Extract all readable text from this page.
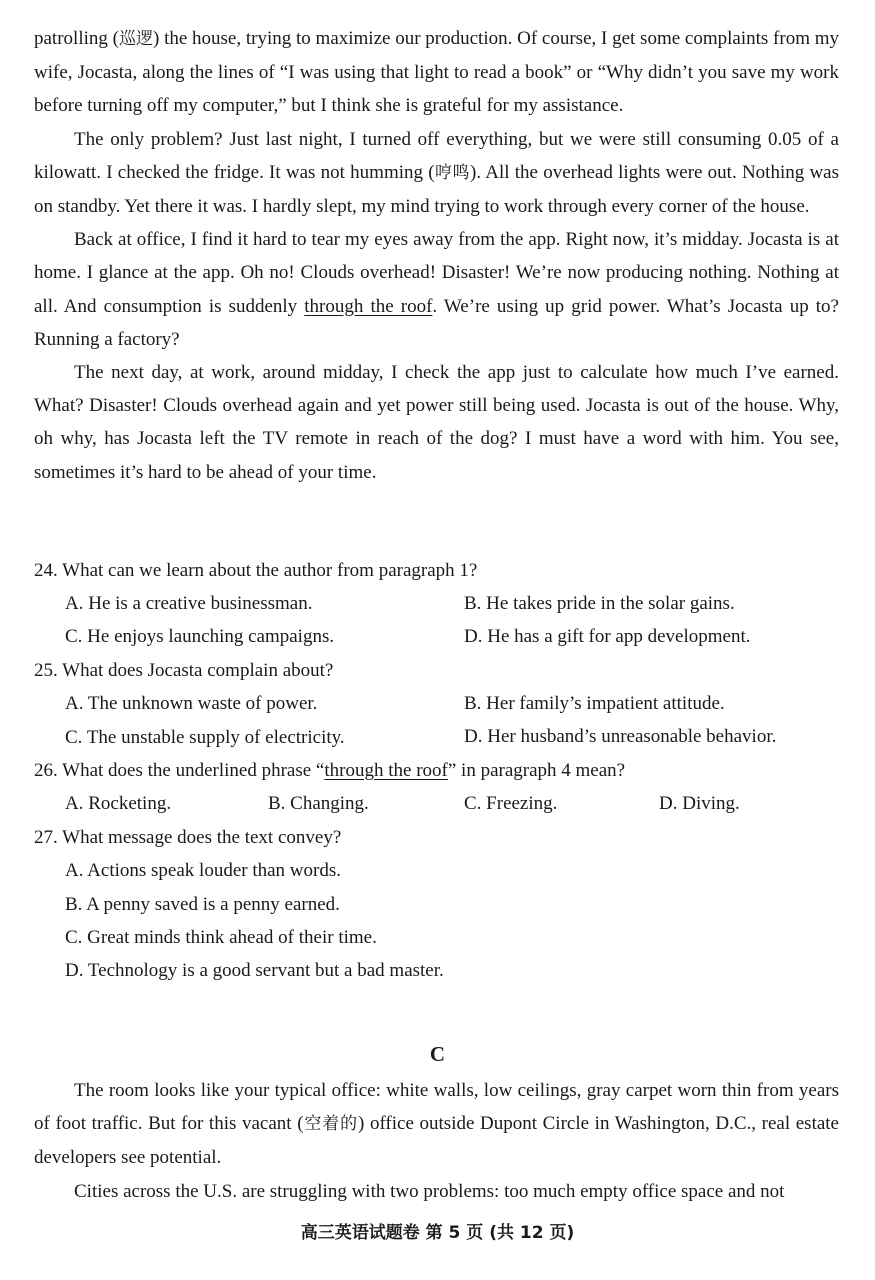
patrolling (巡逻) the house, trying to maximize our production. Of course, I get some complaints from my wife, Jocasta, along the lines of “I was using that light to read a book” or “Why didn’t you save my work before turning off my computer,” but I think she is grateful for my assistance.

The only problem? Just last night, I turned off everything, but we were still consuming 0.05 of a kilowatt. I checked the fridge. It was not humming (哼鸣). All the overhead lights were out. Nothing was on standby. Yet there it was. I hardly slept, my mind trying to work through every corner of the house.

Back at office, I find it hard to tear my eyes away from the app. Right now, it’s midday. Jocasta is at home. I glance at the app. Oh no! Clouds overhead! Disaster! We’re now producing nothing. Nothing at all. And consumption is suddenly through the roof. We’re using up grid power. What’s Jocasta up to? Running a factory?

The next day, at work, around midday, I check the app just to calculate how much I’ve earned. What? Disaster! Clouds overhead again and yet power still being used. Jocasta is out of the house. Why, oh why, has Jocasta left the TV remote in reach of the dog? I must have a word with him. You see, sometimes it’s hard to be ahead of your time.

24. What can we learn about the author from paragraph 1?
A. He is a creative businessman.	B. He takes pride in the solar gains.
C. He enjoys launching campaigns.	D. He has a gift for app development.
25. What does Jocasta complain about?
A. The unknown waste of power.	B. Her family’s impatient attitude.
C. The unstable supply of electricity.	D. Her husband’s unreasonable behavior.
26. What does the underlined phrase “through the roof” in paragraph 4 mean?
A. Rocketing.	B. Changing.	C. Freezing.	D. Diving.
27. What message does the text convey?
A. Actions speak louder than words.
B. A penny saved is a penny earned.
C. Great minds think ahead of their time.
D. Technology is a good servant but a bad master.
C

The room looks like your typical office: white walls, low ceilings, gray carpet worn thin from years of foot traffic. But for this vacant (空着的) office outside Dupont Circle in Washington, D.C., real estate developers see potential.

Cities across the U.S. are struggling with two problems: too much empty office space and not

高三英语试题卷 第 5 页 (共 12 页)
